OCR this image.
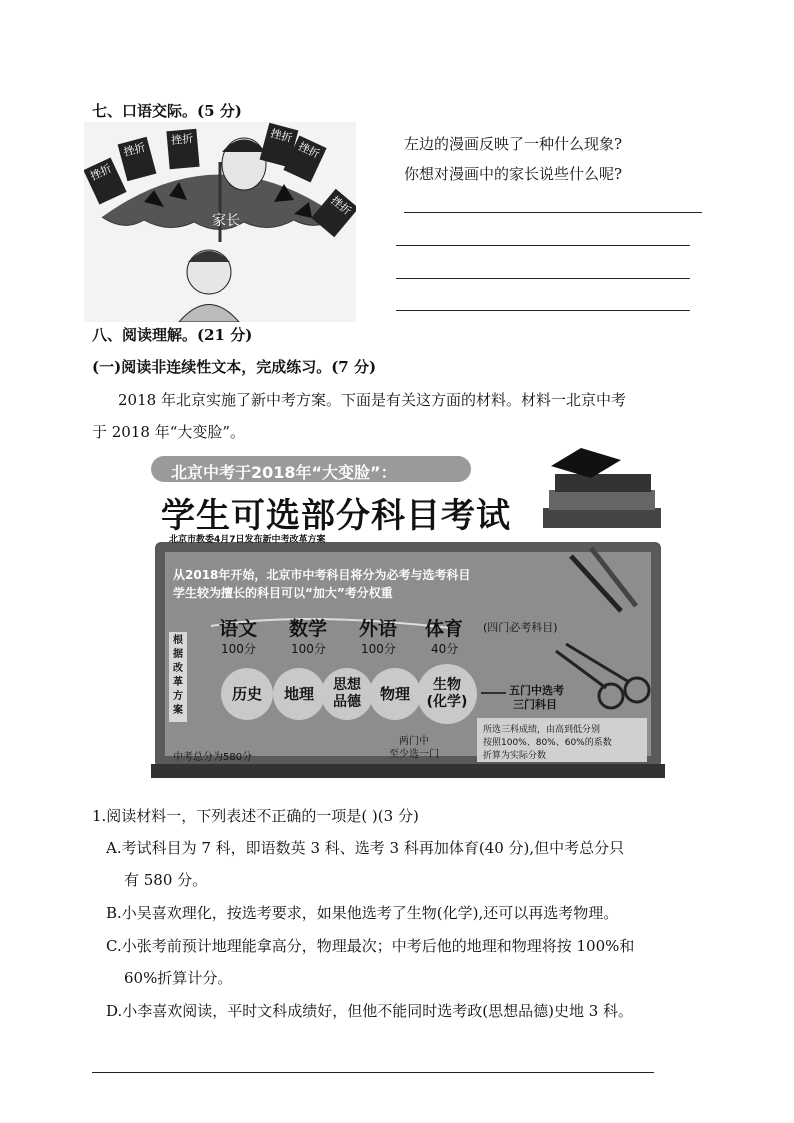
七、口语交际。(5 分)
挫折
挫折
挫折
挫折
挫折
挫折
家长
左边的漫画反映了一种什么现象?
你想对漫画中的家长说些什么呢?
八、阅读理解。(21 分)
(一)阅读非连续性文本，完成练习。(7 分)
2018 年北京实施了新中考方案。下面是有关这方面的材料。材料一北京中考
于 2018 年“大变脸”。
北京中考于2018年“大变脸”：
学生可选部分科目考试
北京市教委4月7日发布新中考改革方案
从2018年开始，北京市中考科目将分为必考与选考科目
学生较为擅长的科目可以“加大”考分权重
根
据
改
革
方
案
语文
100分
数学
100分
外语
100分
体育
40分
(四门必考科目)
历史	地理	思想品德	物理	生物(化学)
五门中选考
三门科目
两门中
至少选一门
所选三科成绩，由高到低分别
按照100%、80%、60%的系数
折算为实际分数
中考总分为580分
1.阅读材料一，下列表述不正确的一项是( )(3 分)
A.考试科目为 7 科，即语数英 3 科、选考 3 科再加体育(40 分),但中考总分只
有 580 分。
B.小吴喜欢理化，按选考要求，如果他选考了生物(化学),还可以再选考物理。
C.小张考前预计地理能拿高分，物理最次；中考后他的地理和物理将按 100%和
60%折算计分。
D.小李喜欢阅读，平时文科成绩好，但他不能同时选考政(思想品德)史地 3 科。
